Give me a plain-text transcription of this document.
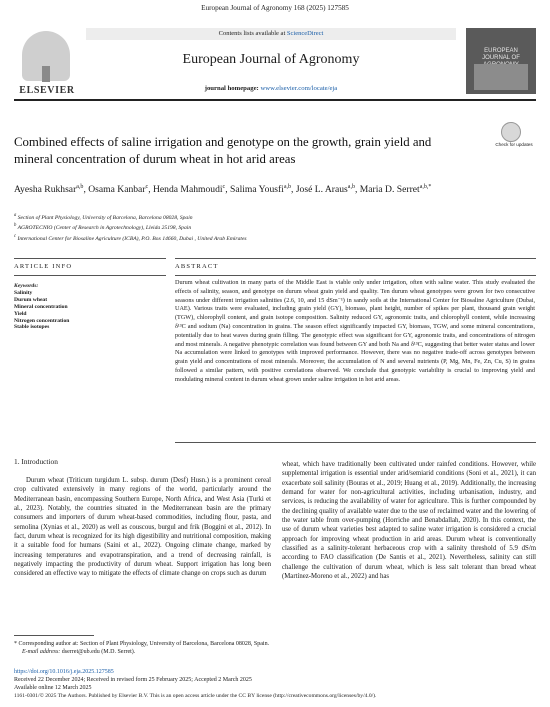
European Journal of Agronomy 168 (2025) 127585
ELSEVIER
Contents lists available at ScienceDirect
European Journal of Agronomy
journal homepage: www.elsevier.com/locate/eja
EUROPEAN JOURNAL OF
Combined effects of saline irrigation and genotype on the growth, grain yield and mineral concentration of durum wheat in hot arid areas
Check for updates
Ayesha Rukhsar$^{a,b}$, Osama Kanbar$^c$, Henda Mahmoudi$^c$, Salima Yousfi$^{a,b}$, José L. Araus$^{a,b}$, Maria D. Serret$^{a,b,*}$
$^a$ Section of Plant Physiology, University of Barcelona, Barcelona 08028, Spain
$^b$ AGROTECNIO (Center of Research in Agrotechnology), Lleida 25198, Spain
$^c$ International Center for Biosaline Agriculture (ICBA), P.O. Box 14660, Dubai , United Arab Emirates
ARTICLE INFO	ABSTRACT
Keywords:
Salinity
Durum wheat
Mineral concentration
Yield
Nitrogen concentration
Stable isotopes
Durum wheat cultivation in many parts of the Middle East is viable only under irrigation, often with saline water. This study evaluated the effects of salinity, season, and genotype on durum wheat grain yield and quality. Ten durum wheat genotypes were grown for two consecutive seasons under different irrigation salinities (2.6, 10, and 15 dSm⁻¹) in sandy soils at the International Center for Biosaline Agriculture (Dubai, UAE). Various traits were evaluated, including grain yield (GY), biomass, plant height, number of spikes per plant, thousand grain weight (TGW), chlorophyll content, and grain isotope composition. Salinity reduced GY, agronomic traits, and chlorophyll content, while increasing δ¹³C and sodium (Na) concentration in grains. The season effect significantly impacted GY, biomass, TGW, and some mineral concentrations, potentially due to heat waves during grain filling. The genotypic effect was significant for GY, agronomic traits, and concentrations of nitrogen and most minerals. A negative phenotypic correlation was found between GY and both Na and δ¹³C, suggesting that better water status and lower Na accumulation were linked to genotypes with improved performance. However, there was no negative trade-off across genotypes between grain yield and concentrations of most minerals. Moreover, the accumulation of N and several nutrients (P, Mg, Mn, Fe, Zn, Cu, S) in grains followed a similar pattern, with positive correlations observed. We conclude that genotypic variability is crucial to improving yield and modulating mineral content in durum wheat grown under saline irrigation in hot arid areas.
1. Introduction

Durum wheat (Triticum turgidum L. subsp. durum (Desf) Husn.) is a prominent cereal crop cultivated extensively in many regions of the world, particularly around the Mediterranean basin, encompassing Southern Europe, North Africa, and West Asia (Turki et al., 2023). Notably, the countries situated in the Mediterranean basin are the primary consumers and importers of durum wheat-based commodities, including flour, pasta, and semolina (Xynias et al., 2020) as well as couscous, burgul and frik (Boggini et al., 2012). In fact, durum wheat is recognized for its high digestibility and nutritional composition, making it a suitable food for humans (Saini et al., 2022). Ongoing climate change, marked by increasing temperatures and evapotranspiration, and a trend of decreasing rainfall, is negatively impacting the productivity of durum wheat. Support irrigation has long been considered an effective way to mitigate the effects of climate change on crops such as durum

wheat, which have traditionally been cultivated under rainfed conditions. However, while supplemental irrigation is essential under arid/semiarid conditions (Soni et al., 2021), it can exacerbate soil salinity (Bouras et al., 2019; Huang et al., 2019). Additionally, the increasing demand for water for non-agricultural activities, including urbanisation, industry, and services, is reducing the availability of water for agriculture. This is further compounded by the declining quality of available water due to the use of reclaimed water and the lowering of the water table from over-pumping (Horriche and Benabdallah, 2020). In this context, the use of durum wheat varieties best adapted to saline water irrigation is considered a crucial approach for improving wheat production in arid areas. Durum wheat is conventionally classified as a salinity-tolerant herbaceous crop with a salinity threshold of 5.9 dS/m according to FAO classification (De Santis et al., 2021). Nevertheless, salinity can still challenge the cultivation of durum wheat, which is less salt tolerant than bread wheat (Martínez-Moreno et al., 2022) and has

* Corresponding author at: Section of Plant Physiology, University of Barcelona, Barcelona 08028, Spain.
E-mail address: dserret@ub.edu (M.D. Serret).
https://doi.org/10.1016/j.eja.2025.127585
Received 22 December 2024; Received in revised form 25 February 2025; Accepted 2 March 2025
Available online 12 March 2025
1161-0301/© 2025 The Authors. Published by Elsevier B.V. This is an open access article under the CC BY license (http://creativecommons.org/licenses/by/4.0/).
